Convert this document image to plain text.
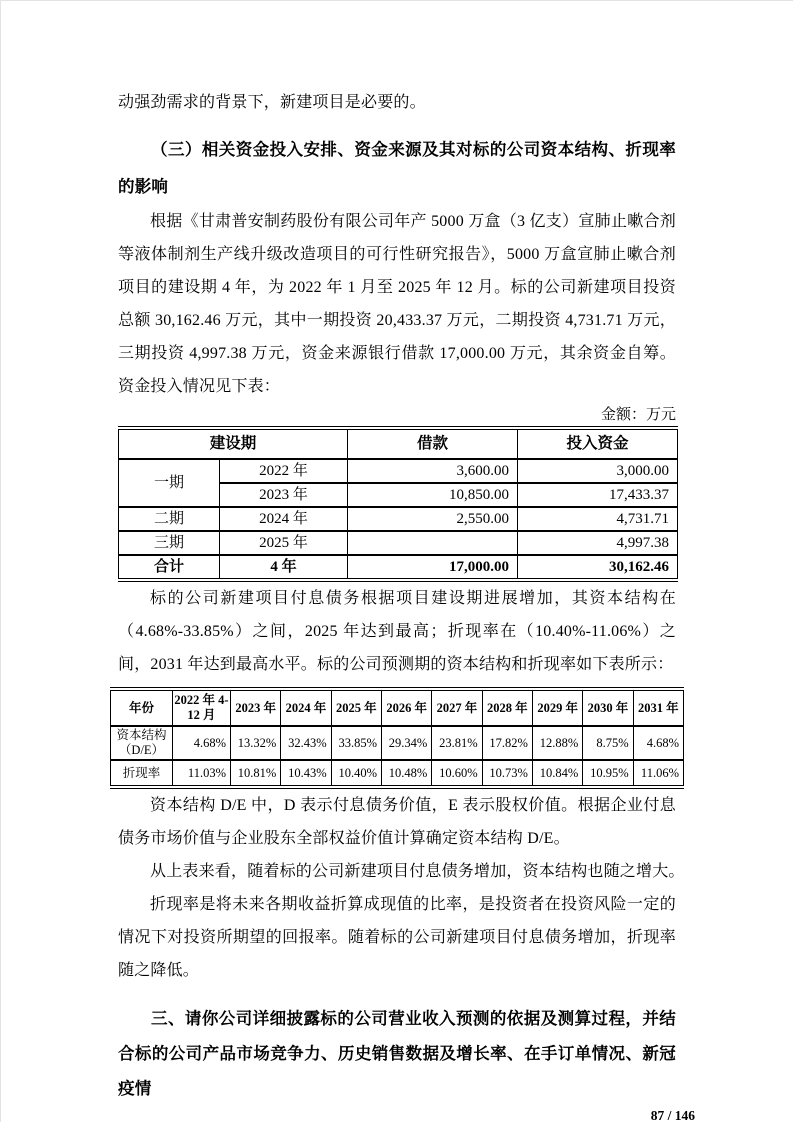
动强劲需求的背景下，新建项目是必要的。

（三）相关资金投入安排、资金来源及其对标的公司资本结构、折现率的影响

根据《甘肃普安制药股份有限公司年产 5000 万盒（3 亿支）宣肺止嗽合剂等液体制剂生产线升级改造项目的可行性研究报告》，5000 万盒宣肺止嗽合剂项目的建设期 4 年，为 2022 年 1 月至 2025 年 12 月。标的公司新建项目投资总额 30,162.46 万元，其中一期投资 20,433.37 万元，二期投资 4,731.71 万元，三期投资 4,997.38 万元，资金来源银行借款 17,000.00 万元，其余资金自筹。资金投入情况见下表：

金额：万元
建设期		借款	投入资金
一期	2022 年	3,600.00	3,000.00
	2023 年	10,850.00	17,433.37
二期	2024 年	2,550.00	4,731.71
三期	2025 年		4,997.38
合计	4 年	17,000.00	30,162.46

标的公司新建项目付息债务根据项目建设期进展增加，其资本结构在（4.68%-33.85%）之间，2025 年达到最高；折现率在（10.40%-11.06%）之间，2031 年达到最高水平。标的公司预测期的资本结构和折现率如下表所示：

年份	2022 年 4-12 月	2023 年	2024 年	2025 年	2026 年	2027 年	2028 年	2029 年	2030 年	2031 年
资本结构（D/E）	4.68%	13.32%	32.43%	33.85%	29.34%	23.81%	17.82%	12.88%	8.75%	4.68%
折现率	11.03%	10.81%	10.43%	10.40%	10.48%	10.60%	10.73%	10.84%	10.95%	11.06%

资本结构 D/E 中，D 表示付息债务价值，E 表示股权价值。根据企业付息债务市场价值与企业股东全部权益价值计算确定资本结构 D/E。

从上表来看，随着标的公司新建项目付息债务增加，资本结构也随之增大。

折现率是将未来各期收益折算成现值的比率，是投资者在投资风险一定的情况下对投资所期望的回报率。随着标的公司新建项目付息债务增加，折现率随之降低。

三、请你公司详细披露标的公司营业收入预测的依据及测算过程，并结合标的公司产品市场竞争力、历史销售数据及增长率、在手订单情况、新冠疫情
87 / 146
